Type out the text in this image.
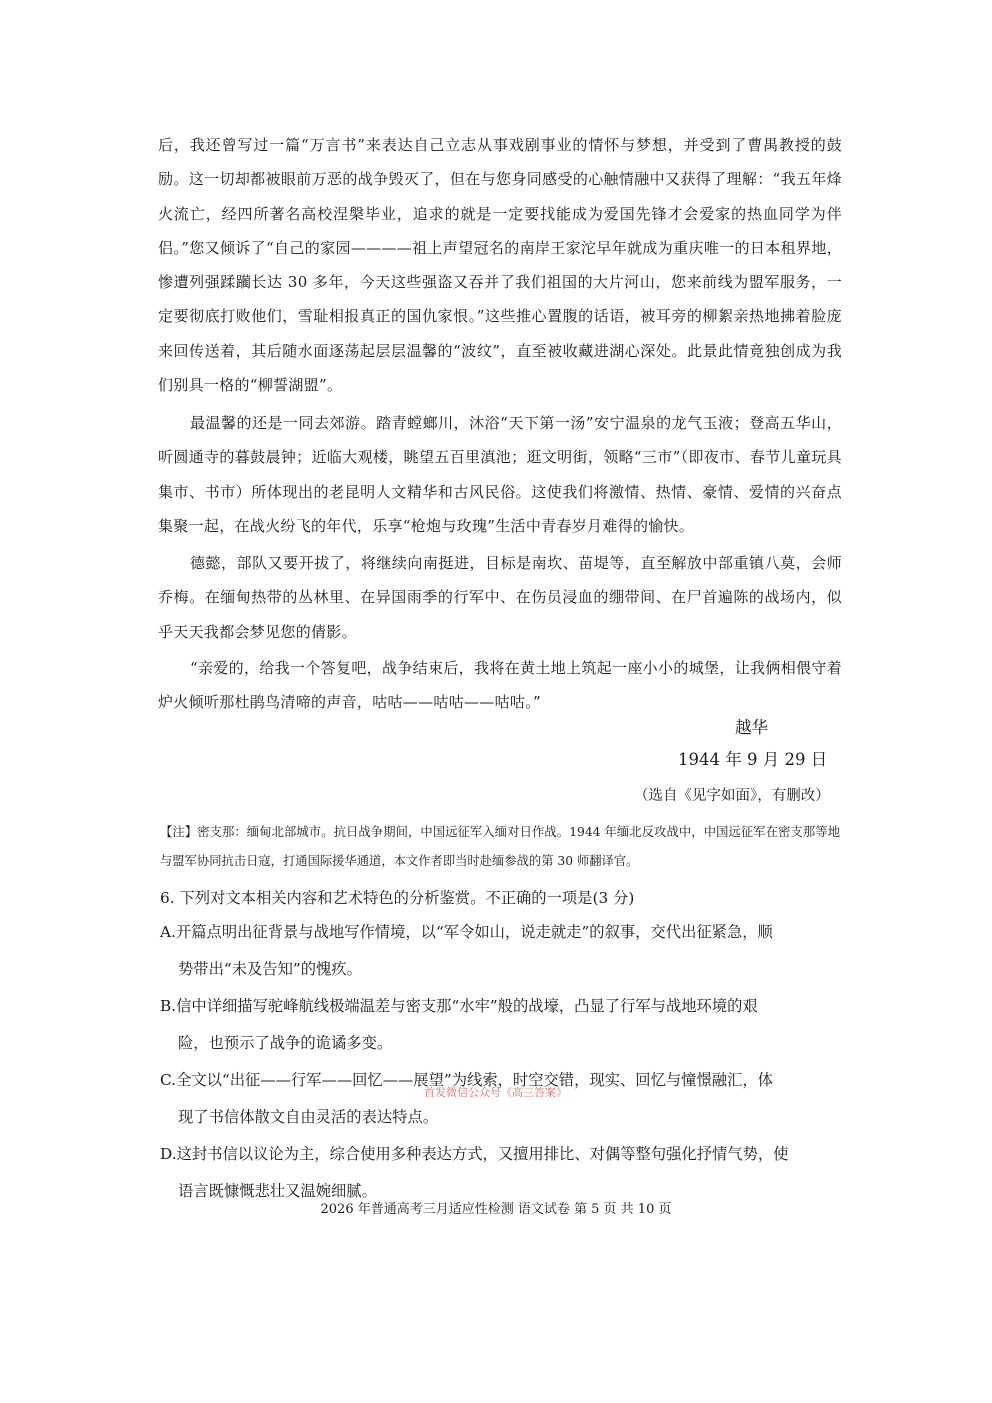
后，我还曾写过一篇“万言书”来表达自己立志从事戏剧事业的情怀与梦想，并受到了曹禺教授的鼓励。这一切却都被眼前万恶的战争毁灭了，但在与您身同感受的心触情融中又获得了理解：“我五年烽火流亡，经四所著名高校涅槃毕业，追求的就是一定要找能成为爱国先锋才会爱家的热血同学为伴侣。”您又倾诉了“自己的家园————祖上声望冠名的南岸王家沱早年就成为重庆唯一的日本租界地，惨遭列强蹂躏长达 30 多年，今天这些强盗又吞并了我们祖国的大片河山，您来前线为盟军服务，一定要彻底打败他们，雪耻相报真正的国仇家恨。”这些推心置腹的话语，被耳旁的柳絮亲热地拂着脸庞来回传送着，其后随水面逐荡起层层温馨的“波纹”，直至被收藏进湖心深处。此景此情竟独创成为我们别具一格的“柳誓湖盟”。

最温馨的还是一同去郊游。踏青螳螂川，沐浴“天下第一汤”安宁温泉的龙气玉液；登高五华山，听圆通寺的暮鼓晨钟；近临大观楼，眺望五百里滇池；逛文明街，领略“三市”（即夜市、春节儿童玩具集市、书市）所体现出的老昆明人文精华和古风民俗。这使我们将激情、热情、豪情、爱情的兴奋点集聚一起，在战火纷飞的年代，乐享“枪炮与玫瑰”生活中青春岁月难得的愉快。

德懿，部队又要开拔了，将继续向南挺进，目标是南坎、苗堤等，直至解放中部重镇八莫，会师乔梅。在缅甸热带的丛林里、在异国雨季的行军中、在伤员浸血的绷带间、在尸首遍陈的战场内，似乎天天我都会梦见您的倩影。

“亲爱的，给我一个答复吧，战争结束后，我将在黄土地上筑起一座小小的城堡，让我俩相偎守着炉火倾听那杜鹃鸟清啼的声音，咕咕——咕咕——咕咕。”

越华

1944 年 9 月 29 日

（选自《见字如面》，有删改）

【注】密支那：缅甸北部城市。抗日战争期间，中国远征军入缅对日作战。1944 年缅北反攻战中，中国远征军在密支那等地与盟军协同抗击日寇，打通国际援华通道，本文作者即当时赴缅参战的第 30 师翻译官。

6. 下列对文本相关内容和艺术特色的分析鉴赏。不正确的一项是(3 分)

A.开篇点明出征背景与战地写作情境，以“军令如山，说走就走”的叙事，交代出征紧急，顺
势带出“未及告知”的愧疚。
B.信中详细描写驼峰航线极端温差与密支那“水牢”般的战壕，凸显了行军与战地环境的艰
险，也预示了战争的诡谲多变。
C.全文以“出征——行军——回忆——展望”为线索，时空交错，现实、回忆与憧憬融汇，体
现了书信体散文自由灵活的表达特点。

首发微信公众号《高三答案》

D.这封书信以议论为主，综合使用多种表达方式，又擅用排比、对偶等整句强化抒情气势，使
语言既慷慨悲壮又温婉细腻。

2026 年普通高考三月适应性检测 语文试卷 第 5 页 共 10 页
